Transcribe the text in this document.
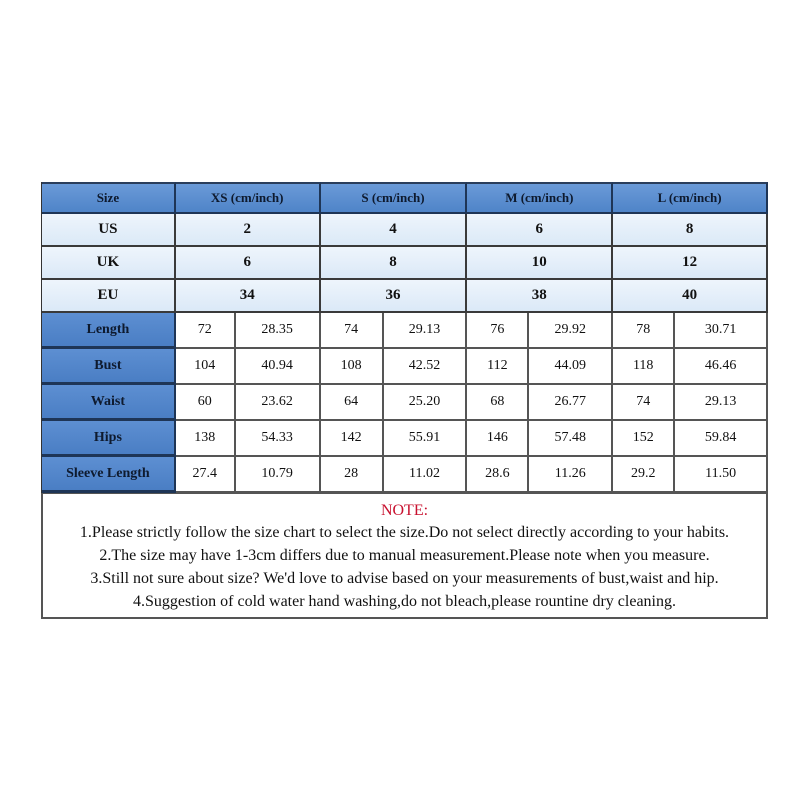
Size	XS (cm/inch)	S (cm/inch)	M (cm/inch)	L (cm/inch)
US	2	4	6	8
UK	6	8	10	12
EU	34	36	38	40
Length	72	28.35	74	29.13	76	29.92	78	30.71
Bust	104	40.94	108	42.52	112	44.09	118	46.46
Waist	60	23.62	64	25.20	68	26.77	74	29.13
Hips	138	54.33	142	55.91	146	57.48	152	59.84
Sleeve Length	27.4	10.79	28	11.02	28.6	11.26	29.2	11.50
NOTE:
1.Please strictly follow the size chart to select the size.Do not select directly according to your habits.
2.The size may have 1-3cm differs due to manual measurement.Please note when you measure.
3.Still not sure about size? We'd love to advise based on your measurements of bust,waist and hip.
4.Suggestion of cold water hand washing,do not bleach,please rountine dry cleaning.
